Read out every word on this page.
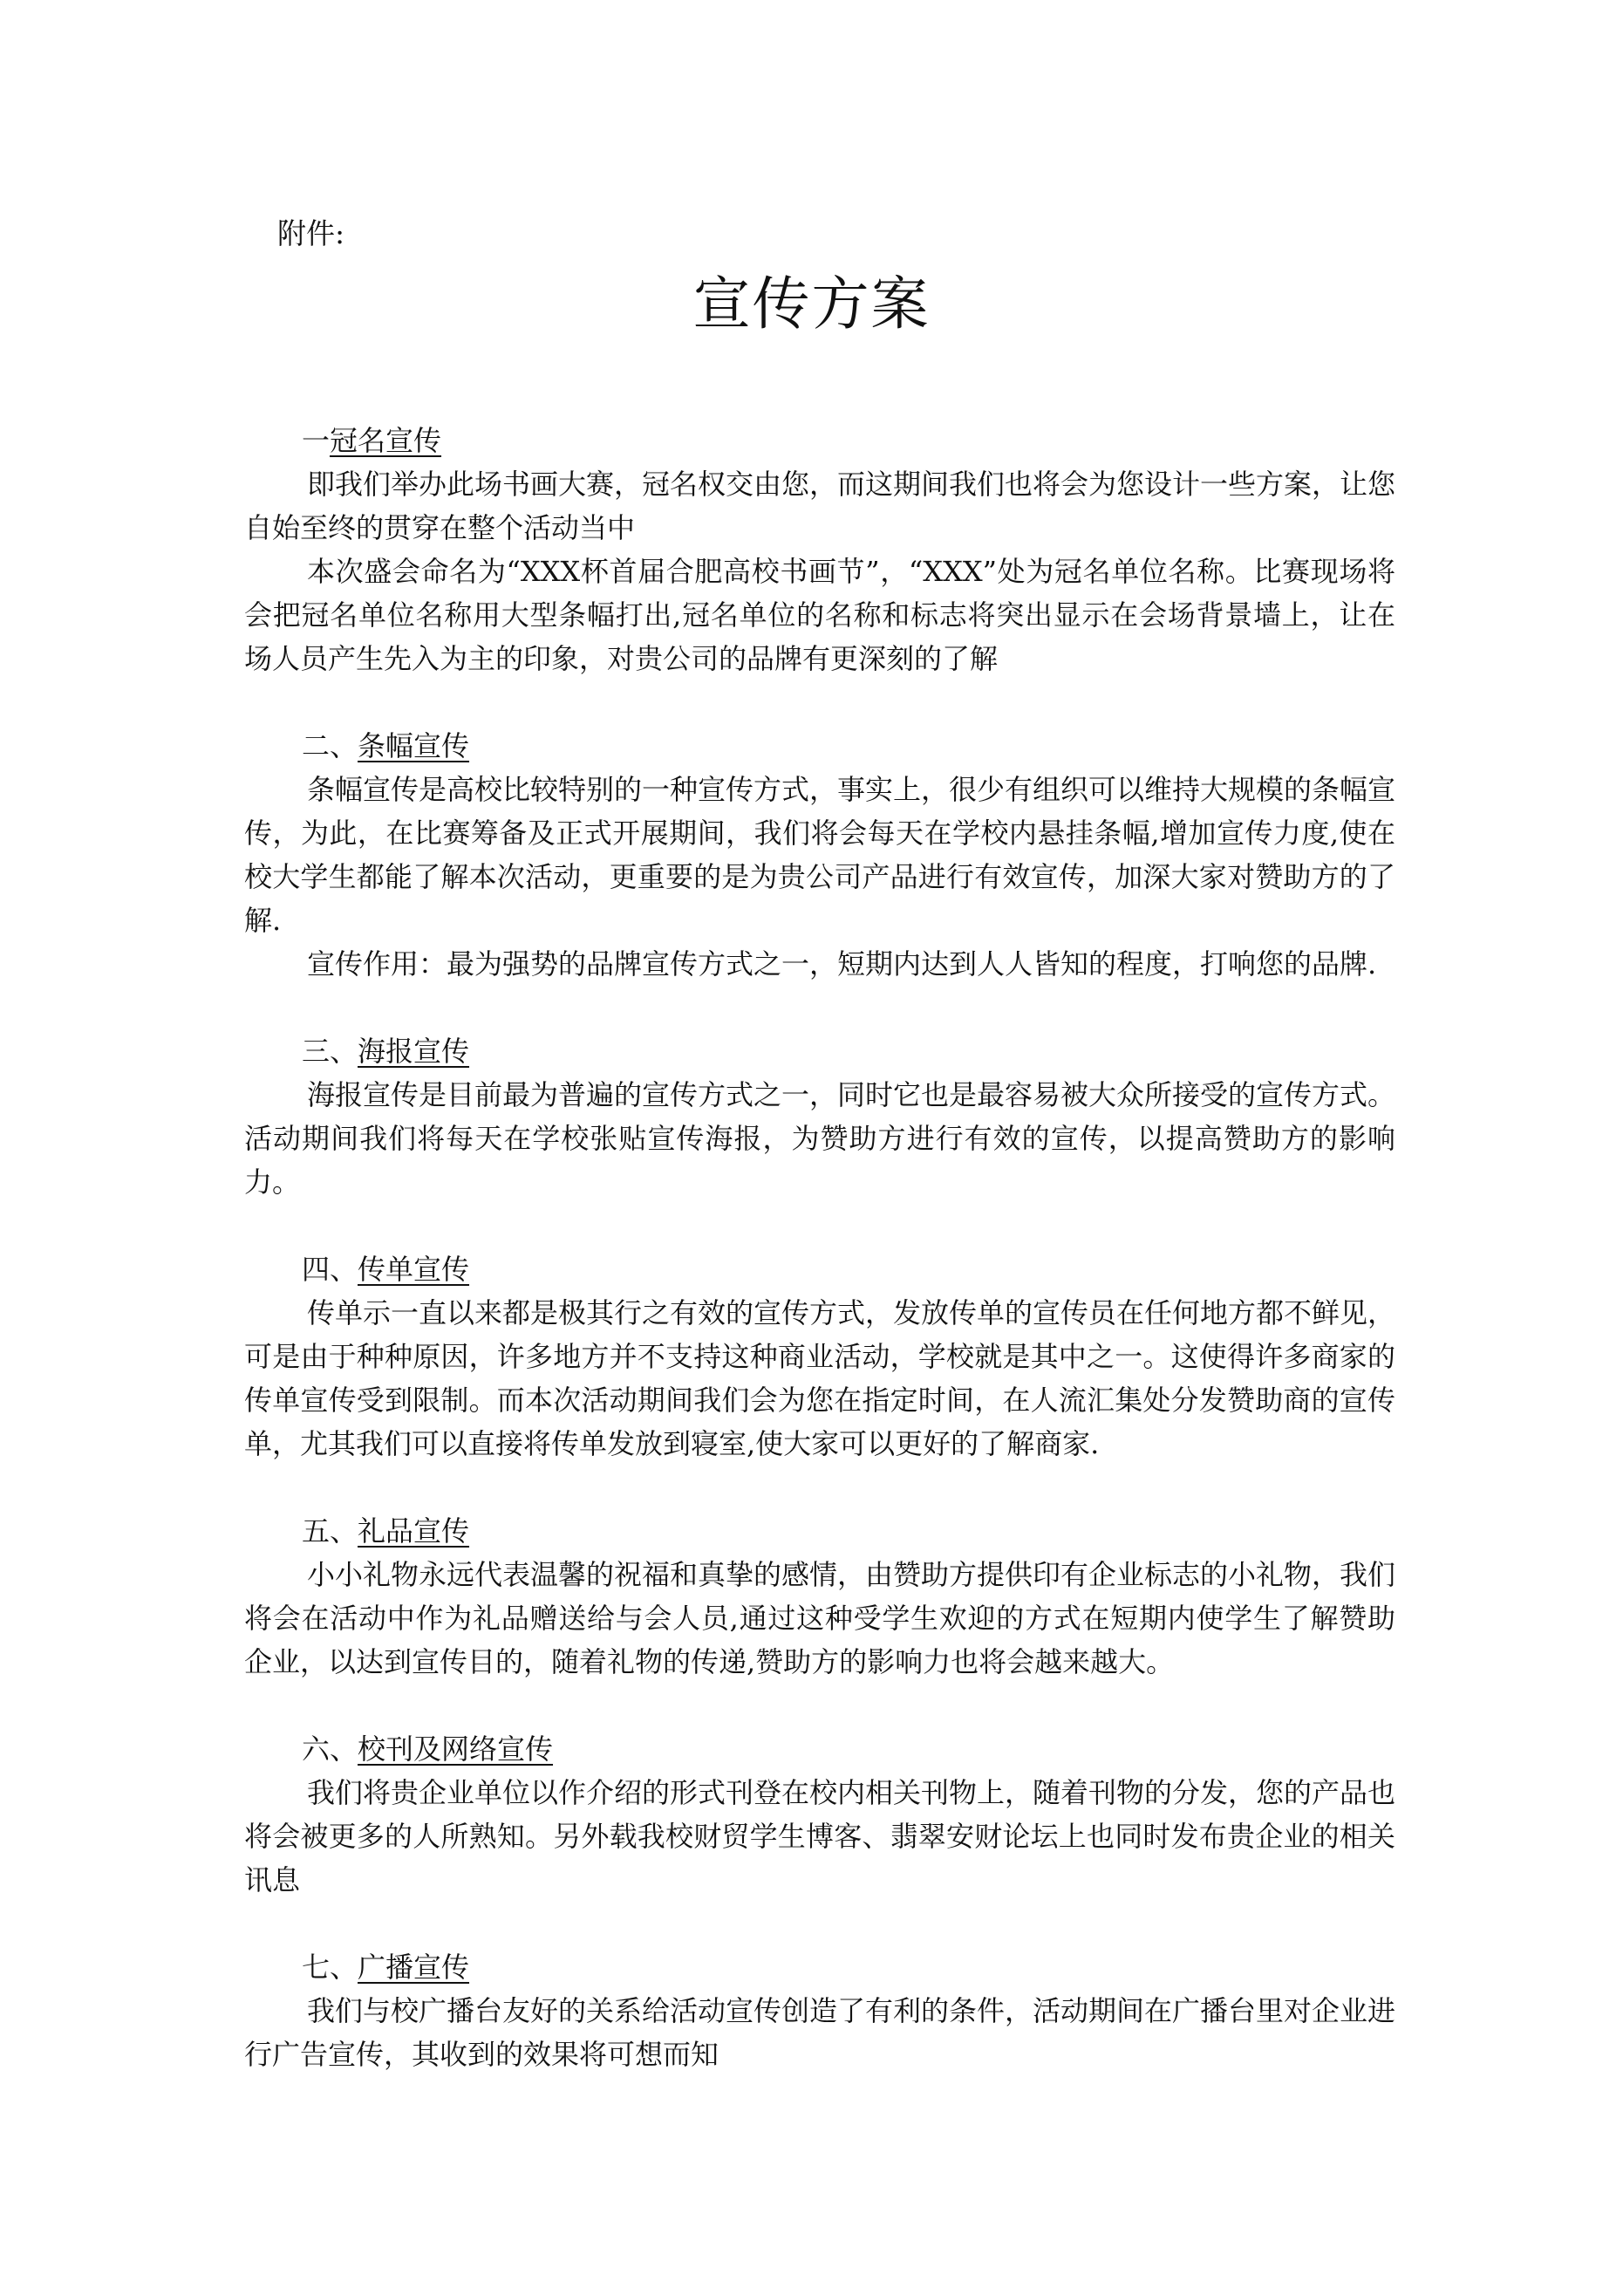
附件:
宣传方案
一冠名宣传

即我们举办此场书画大赛，冠名权交由您，而这期间我们也将会为您设计一些方案，让您自始至终的贯穿在整个活动当中

本次盛会命名为“XXX杯首届合肥高校书画节”，“XXX”处为冠名单位名称。比赛现场将会把冠名单位名称用大型条幅打出,冠名单位的名称和标志将突出显示在会场背景墙上，让在场人员产生先入为主的印象，对贵公司的品牌有更深刻的了解

二、条幅宣传

条幅宣传是高校比较特别的一种宣传方式，事实上，很少有组织可以维持大规模的条幅宣传，为此，在比赛筹备及正式开展期间，我们将会每天在学校内悬挂条幅,增加宣传力度,使在校大学生都能了解本次活动，更重要的是为贵公司产品进行有效宣传，加深大家对赞助方的了解.

宣传作用：最为强势的品牌宣传方式之一，短期内达到人人皆知的程度，打响您的品牌.

三、海报宣传

海报宣传是目前最为普遍的宣传方式之一，同时它也是最容易被大众所接受的宣传方式。活动期间我们将每天在学校张贴宣传海报，为赞助方进行有效的宣传，以提高赞助方的影响力。

四、传单宣传

传单示一直以来都是极其行之有效的宣传方式，发放传单的宣传员在任何地方都不鲜见，可是由于种种原因，许多地方并不支持这种商业活动，学校就是其中之一。这使得许多商家的传单宣传受到限制。而本次活动期间我们会为您在指定时间，在人流汇集处分发赞助商的宣传单，尤其我们可以直接将传单发放到寝室,使大家可以更好的了解商家.

五、礼品宣传

小小礼物永远代表温馨的祝福和真挚的感情，由赞助方提供印有企业标志的小礼物，我们将会在活动中作为礼品赠送给与会人员,通过这种受学生欢迎的方式在短期内使学生了解赞助企业，以达到宣传目的，随着礼物的传递,赞助方的影响力也将会越来越大。

六、校刊及网络宣传

我们将贵企业单位以作介绍的形式刊登在校内相关刊物上，随着刊物的分发，您的产品也将会被更多的人所熟知。另外载我校财贸学生博客、翡翠安财论坛上也同时发布贵企业的相关讯息

七、广播宣传

我们与校广播台友好的关系给活动宣传创造了有利的条件，活动期间在广播台里对企业进行广告宣传，其收到的效果将可想而知
